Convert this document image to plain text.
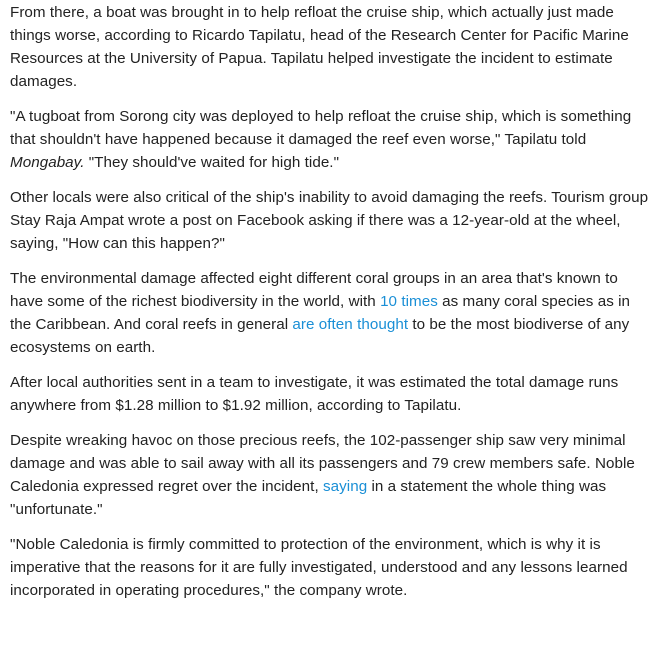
From there, a boat was brought in to help refloat the cruise ship, which actually just made things worse, according to Ricardo Tapilatu, head of the Research Center for Pacific Marine Resources at the University of Papua. Tapilatu helped investigate the incident to estimate damages.

"A tugboat from Sorong city was deployed to help refloat the cruise ship, which is something that shouldn't have happened because it damaged the reef even worse," Tapilatu told Mongabay. "They should've waited for high tide."

Other locals were also critical of the ship's inability to avoid damaging the reefs. Tourism group Stay Raja Ampat wrote a post on Facebook asking if there was a 12-year-old at the wheel, saying, "How can this happen?"

The environmental damage affected eight different coral groups in an area that's known to have some of the richest biodiversity in the world, with 10 times as many coral species as in the Caribbean. And coral reefs in general are often thought to be the most biodiverse of any ecosystems on earth.

After local authorities sent in a team to investigate, it was estimated the total damage runs anywhere from $1.28 million to $1.92 million, according to Tapilatu.

Despite wreaking havoc on those precious reefs, the 102-passenger ship saw very minimal damage and was able to sail away with all its passengers and 79 crew members safe. Noble Caledonia expressed regret over the incident, saying in a statement the whole thing was "unfortunate."

"Noble Caledonia is firmly committed to protection of the environment, which is why it is imperative that the reasons for it are fully investigated, understood and any lessons learned incorporated in operating procedures," the company wrote.
